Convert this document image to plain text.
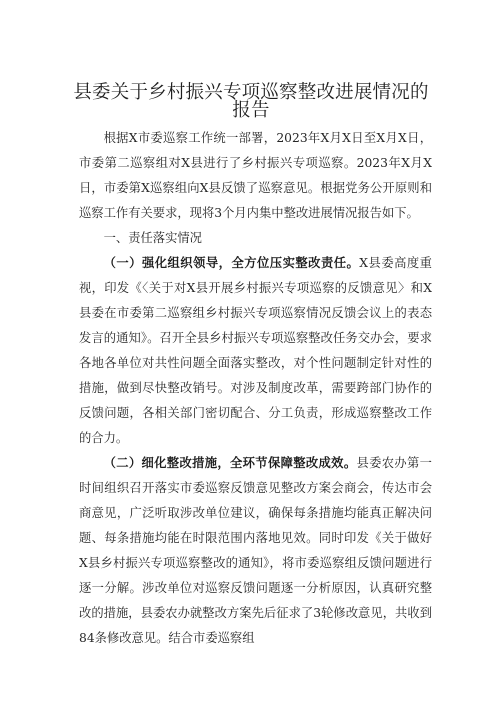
县委关于乡村振兴专项巡察整改进展情况的报告

根据X市委巡察工作统一部署，2023年X月X日至X月X日，市委第二巡察组对X县进行了乡村振兴专项巡察。2023年X月X日，市委第X巡察组向X县反馈了巡察意见。根据党务公开原则和巡察工作有关要求，现将3个月内集中整改进展情况报告如下。

一、责任落实情况

（一）强化组织领导，全方位压实整改责任。X县委高度重视，印发《〈关于对X县开展乡村振兴专项巡察的反馈意见〉和X县委在市委第二巡察组乡村振兴专项巡察情况反馈会议上的表态发言的通知》。召开全县乡村振兴专项巡察整改任务交办会，要求各地各单位对共性问题全面落实整改，对个性问题制定针对性的措施，做到尽快整改销号。对涉及制度改革，需要跨部门协作的反馈问题，各相关部门密切配合、分工负责，形成巡察整改工作的合力。

（二）细化整改措施，全环节保障整改成效。县委农办第一时间组织召开落实市委巡察反馈意见整改方案会商会，传达市会商意见，广泛听取涉改单位建议，确保每条措施均能真正解决问题、每条措施均能在时限范围内落地见效。同时印发《关于做好X县乡村振兴专项巡察整改的通知》，将市委巡察组反馈问题进行逐一分解。涉改单位对巡察反馈问题逐一分析原因，认真研究整改的措施，县委农办就整改方案先后征求了3轮修改意见，共收到84条修改意见。结合市委巡察组
